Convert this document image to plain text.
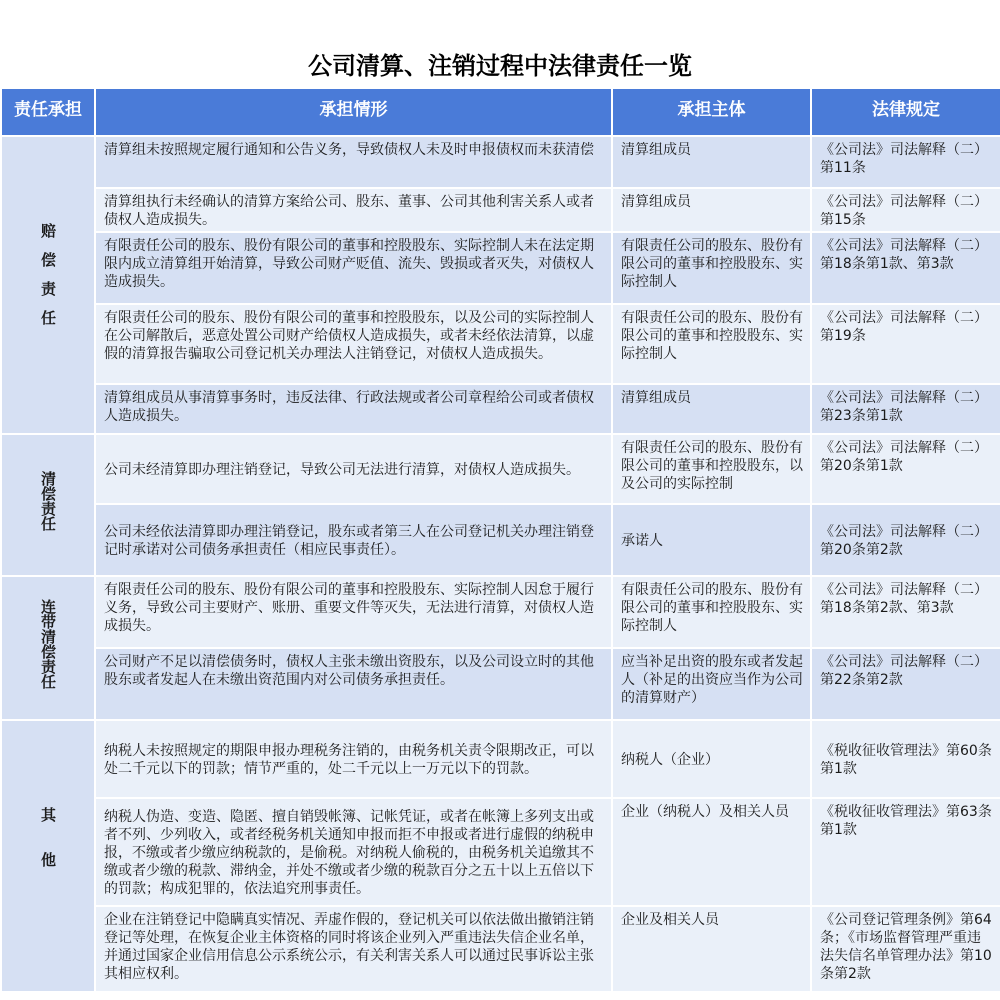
公司清算、注销过程中法律责任一览
责任承担	承担情形	承担主体	法律规定
赔偿责任	清算组未按照规定履行通知和公告义务，导致债权人未及时申报债权而未获清偿	清算组成员	《公司法》司法解释（二）第11条
	清算组执行未经确认的清算方案给公司、股东、董事、公司其他利害关系人或者债权人造成损失。	清算组成员	《公司法》司法解释（二）第15条
	有限责任公司的股东、股份有限公司的董事和控股股东、实际控制人未在法定期限内成立清算组开始清算，导致公司财产贬值、流失、毁损或者灭失，对债权人造成损失。	有限责任公司的股东、股份有限公司的董事和控股股东、实际控制人	《公司法》司法解释（二）第18条第1款、第3款
	有限责任公司的股东、股份有限公司的董事和控股股东，以及公司的实际控制人在公司解散后，恶意处置公司财产给债权人造成损失，或者未经依法清算，以虚假的清算报告骗取公司登记机关办理法人注销登记，对债权人造成损失。	有限责任公司的股东、股份有限公司的董事和控股股东、实际控制人	《公司法》司法解释（二）第19条
	清算组成员从事清算事务时，违反法律、行政法规或者公司章程给公司或者债权人造成损失。	清算组成员	《公司法》司法解释（二）第23条第1款
清偿责任	公司未经清算即办理注销登记，导致公司无法进行清算，对债权人造成损失。	有限责任公司的股东、股份有限公司的董事和控股股东，以及公司的实际控制	《公司法》司法解释（二）第20条第1款
	公司未经依法清算即办理注销登记，股东或者第三人在公司登记机关办理注销登记时承诺对公司债务承担责任（相应民事责任）。	承诺人	《公司法》司法解释（二）第20条第2款
连带清偿责任	有限责任公司的股东、股份有限公司的董事和控股股东、实际控制人因怠于履行义务，导致公司主要财产、账册、重要文件等灭失，无法进行清算，对债权人造成损失。	有限责任公司的股东、股份有限公司的董事和控股股东、实际控制人	《公司法》司法解释（二）第18条第2款、第3款
	公司财产不足以清偿债务时，债权人主张未缴出资股东，以及公司设立时的其他股东或者发起人在未缴出资范围内对公司债务承担责任。	应当补足出资的股东或者发起人（补足的出资应当作为公司的清算财产）	《公司法》司法解释（二）第22条第2款
其他	纳税人未按照规定的期限申报办理税务注销的，由税务机关责令限期改正，可以处二千元以下的罚款；情节严重的，处二千元以上一万元以下的罚款。	纳税人（企业）	《税收征收管理法》第60条第1款
	纳税人伪造、变造、隐匿、擅自销毁帐簿、记帐凭证，或者在帐簿上多列支出或者不列、少列收入，或者经税务机关通知申报而拒不申报或者进行虚假的纳税申报，不缴或者少缴应纳税款的，是偷税。对纳税人偷税的，由税务机关追缴其不缴或者少缴的税款、滞纳金，并处不缴或者少缴的税款百分之五十以上五倍以下的罚款；构成犯罪的，依法追究刑事责任。	企业（纳税人）及相关人员	《税收征收管理法》第63条第1款
	企业在注销登记中隐瞒真实情况、弄虚作假的，登记机关可以依法做出撤销注销登记等处理，在恢复企业主体资格的同时将该企业列入严重违法失信企业名单，并通过国家企业信用信息公示系统公示，有关利害关系人可以通过民事诉讼主张其相应权利。	企业及相关人员	《公司登记管理条例》第64条；《市场监督管理严重违法失信名单管理办法》第10条第2款
